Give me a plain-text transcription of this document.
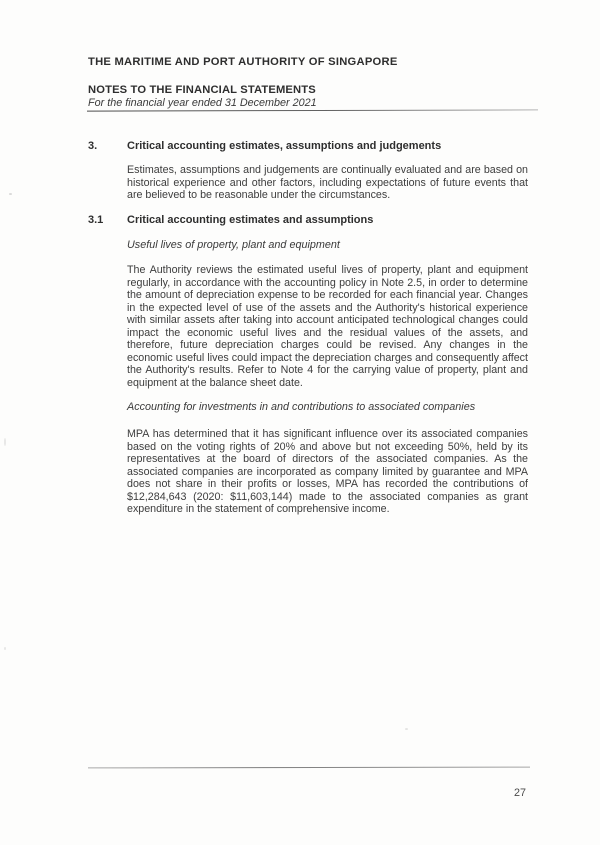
THE MARITIME AND PORT AUTHORITY OF SINGAPORE
NOTES TO THE FINANCIAL STATEMENTS
For the financial year ended 31 December 2021
3.	Critical accounting estimates, assumptions and judgements

Estimates, assumptions and judgements are continually evaluated and are based on historical experience and other factors, including expectations of future events that are believed to be reasonable under the circumstances.

3.1	Critical accounting estimates and assumptions

Useful lives of property, plant and equipment

The Authority reviews the estimated useful lives of property, plant and equipment regularly, in accordance with the accounting policy in Note 2.5, in order to determine the amount of depreciation expense to be recorded for each financial year. Changes in the expected level of use of the assets and the Authority's historical experience with similar assets after taking into account anticipated technological changes could impact the economic useful lives and the residual values of the assets, and therefore, future depreciation charges could be revised. Any changes in the economic useful lives could impact the depreciation charges and consequently affect the Authority's results. Refer to Note 4 for the carrying value of property, plant and equipment at the balance sheet date.

Accounting for investments in and contributions to associated companies

MPA has determined that it has significant influence over its associated companies based on the voting rights of 20% and above but not exceeding 50%, held by its representatives at the board of directors of the associated companies. As the associated companies are incorporated as company limited by guarantee and MPA does not share in their profits or losses, MPA has recorded the contributions of $12,284,643 (2020: $11,603,144) made to the associated companies as grant expenditure in the statement of comprehensive income.

27
